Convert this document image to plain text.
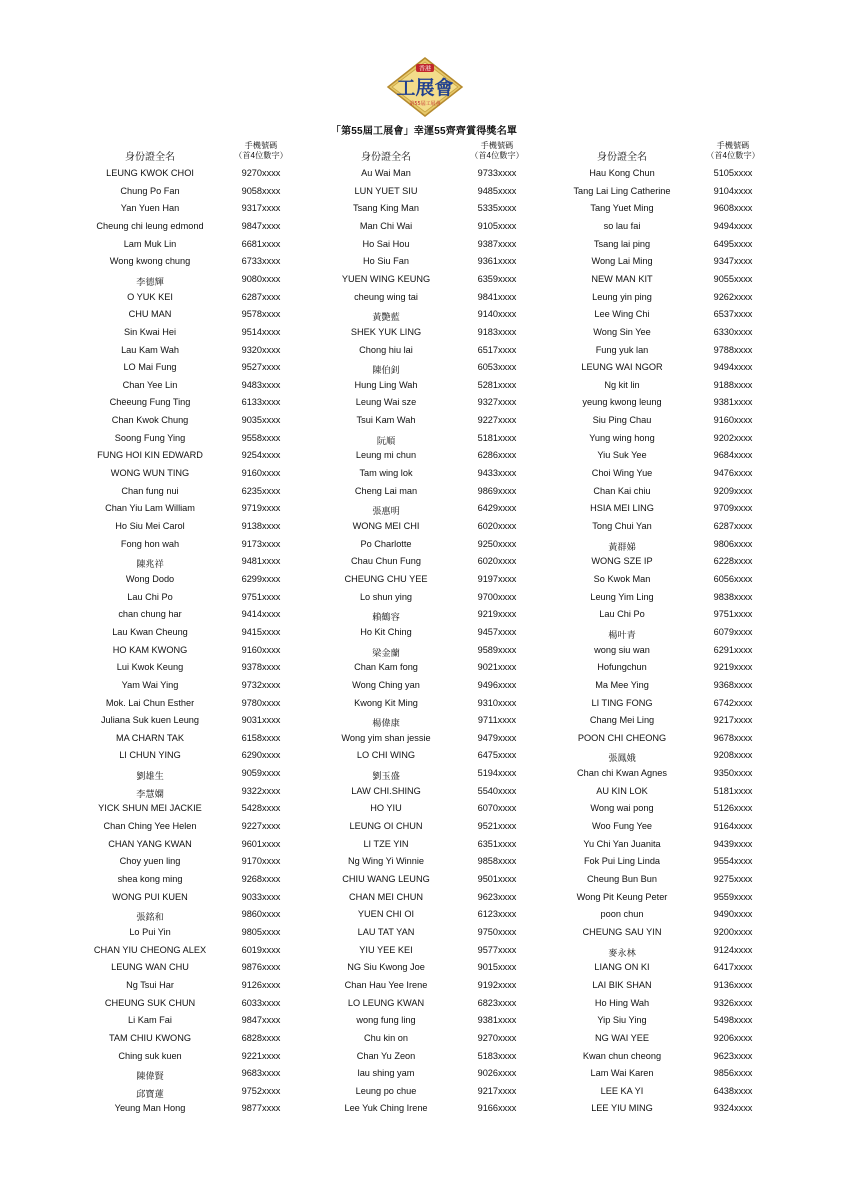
香港
工展會
第55屆工展會
「第55屆工展會」幸運55齊齊賞得獎名單
身份證全名
手機號碼
（首4位數字）
LEUNG KWOK CHOI	9270xxxx
Chung Po Fan	9058xxxx
Yan Yuen Han	9317xxxx
Cheung chi leung edmond	9847xxxx
Lam Muk Lin	6681xxxx
Wong kwong chung	6733xxxx
李德輝	9080xxxx
O YUK KEI	6287xxxx
CHU MAN	9578xxxx
Sin Kwai Hei	9514xxxx
Lau Kam Wah	9320xxxx
LO Mai Fung	9527xxxx
Chan Yee Lin	9483xxxx
Cheeung Fung Ting	6133xxxx
Chan Kwok Chung	9035xxxx
Soong Fung Ying	9558xxxx
FUNG HOI KIN EDWARD	9254xxxx
WONG WUN TING	9160xxxx
Chan fung nui	6235xxxx
Chan Yiu Lam William	9719xxxx
Ho Siu Mei Carol	9138xxxx
Fong hon wah	9173xxxx
陳兆祥	9481xxxx
Wong Dodo	6299xxxx
Lau Chi Po	9751xxxx
chan chung har	9414xxxx
Lau Kwan Cheung	9415xxxx
HO KAM KWONG	9160xxxx
Lui Kwok Keung	9378xxxx
Yam Wai Ying	9732xxxx
Mok. Lai Chun Esther	9780xxxx
Juliana Suk kuen Leung	9031xxxx
MA CHARN TAK	6158xxxx
LI CHUN YING	6290xxxx
劉雄生	9059xxxx
李慧嫻	9322xxxx
YICK SHUN MEI JACKIE	5428xxxx
Chan Ching Yee Helen	9227xxxx
CHAN YANG KWAN	9601xxxx
Choy yuen ling	9170xxxx
shea kong ming	9268xxxx
WONG PUI KUEN	9033xxxx
張銘和	9860xxxx
Lo Pui Yin	9805xxxx
CHAN YIU CHEONG ALEX	6019xxxx
LEUNG WAN CHU	9876xxxx
Ng Tsui Har	9126xxxx
CHEUNG SUK CHUN	6033xxxx
Li Kam Fai	9847xxxx
TAM CHIU KWONG	6828xxxx
Ching suk kuen	9221xxxx
陳偉賢	9683xxxx
邱寶蓮	9752xxxx
Yeung Man Hong	9877xxxx
身份證全名
手機號碼
（首4位數字）
Au Wai Man	9733xxxx
LUN YUET SIU	9485xxxx
Tsang King Man	5335xxxx
Man Chi Wai	9105xxxx
Ho Sai Hou	9387xxxx
Ho Siu Fan	9361xxxx
YUEN WING KEUNG	6359xxxx
cheung wing tai	9841xxxx
黃艷藍	9140xxxx
SHEK YUK LING	9183xxxx
Chong hiu lai	6517xxxx
陳伯釗	6053xxxx
Hung Ling Wah	5281xxxx
Leung Wai sze	9327xxxx
Tsui Kam Wah	9227xxxx
阮順	5181xxxx
Leung mi chun	6286xxxx
Tam wing lok	9433xxxx
Cheng Lai man	9869xxxx
張惠明	6429xxxx
WONG MEI CHI	6020xxxx
Po Charlotte	9250xxxx
Chau Chun Fung	6020xxxx
CHEUNG CHU YEE	9197xxxx
Lo shun ying	9700xxxx
賴鶴容	9219xxxx
Ho Kit Ching	9457xxxx
梁金蘭	9589xxxx
Chan Kam fong	9021xxxx
Wong Ching yan	9496xxxx
Kwong Kit Ming	9310xxxx
楊偉康	9711xxxx
Wong yim shan jessie	9479xxxx
LO CHI WING	6475xxxx
劉玉盛	5194xxxx
LAW CHI.SHING	5540xxxx
HO YIU	6070xxxx
LEUNG OI CHUN	9521xxxx
LI TZE YIN	6351xxxx
Ng Wing Yi Winnie	9858xxxx
CHIU WANG LEUNG	9501xxxx
CHAN MEI CHUN	9623xxxx
YUEN CHI OI	6123xxxx
LAU TAT YAN	9750xxxx
YIU YEE KEI	9577xxxx
NG Siu Kwong Joe	9015xxxx
Chan Hau Yee Irene	9192xxxx
LO LEUNG KWAN	6823xxxx
wong fung ling	9381xxxx
Chu kin on	9270xxxx
Chan Yu Zeon	5183xxxx
lau shing yam	9026xxxx
Leung po chue	9217xxxx
Lee Yuk Ching Irene	9166xxxx
身份證全名
手機號碼
（首4位數字）
Hau Kong Chun	5105xxxx
Tang Lai Ling Catherine	9104xxxx
Tang Yuet Ming	9608xxxx
so lau fai	9494xxxx
Tsang lai ping	6495xxxx
Wong Lai Ming	9347xxxx
NEW MAN KIT	9055xxxx
Leung yin ping	9262xxxx
Lee Wing Chi	6537xxxx
Wong Sin Yee	6330xxxx
Fung yuk lan	9788xxxx
LEUNG WAI NGOR	9494xxxx
Ng kit lin	9188xxxx
yeung kwong leung	9381xxxx
Siu Ping Chau	9160xxxx
Yung wing hong	9202xxxx
Yiu Suk Yee	9684xxxx
Choi Wing Yue	9476xxxx
Chan Kai chiu	9209xxxx
HSIA MEI LING	9709xxxx
Tong Chui Yan	6287xxxx
黃群娣	9806xxxx
WONG SZE IP	6228xxxx
So Kwok Man	6056xxxx
Leung Yim Ling	9838xxxx
Lau Chi Po	9751xxxx
楊叶青	6079xxxx
wong siu wan	6291xxxx
Hofungchun	9219xxxx
Ma Mee Ying	9368xxxx
LI TING FONG	6742xxxx
Chang Mei Ling	9217xxxx
POON CHI CHEONG	9678xxxx
張鳳娥	9208xxxx
Chan chi Kwan Agnes	9350xxxx
AU KIN LOK	5181xxxx
Wong wai pong	5126xxxx
Woo Fung Yee	9164xxxx
Yu Chi Yan Juanita	9439xxxx
Fok Pui Ling Linda	9554xxxx
Cheung Bun Bun	9275xxxx
Wong Pit Keung Peter	9559xxxx
poon chun	9490xxxx
CHEUNG SAU YIN	9200xxxx
麥永林	9124xxxx
LIANG ON KI	6417xxxx
LAI BIK SHAN	9136xxxx
Ho Hing Wah	9326xxxx
Yip Siu Ying	5498xxxx
NG WAI YEE	9206xxxx
Kwan chun cheong	9623xxxx
Lam Wai Karen	9856xxxx
LEE KA YI	6438xxxx
LEE YIU MING	9324xxxx
